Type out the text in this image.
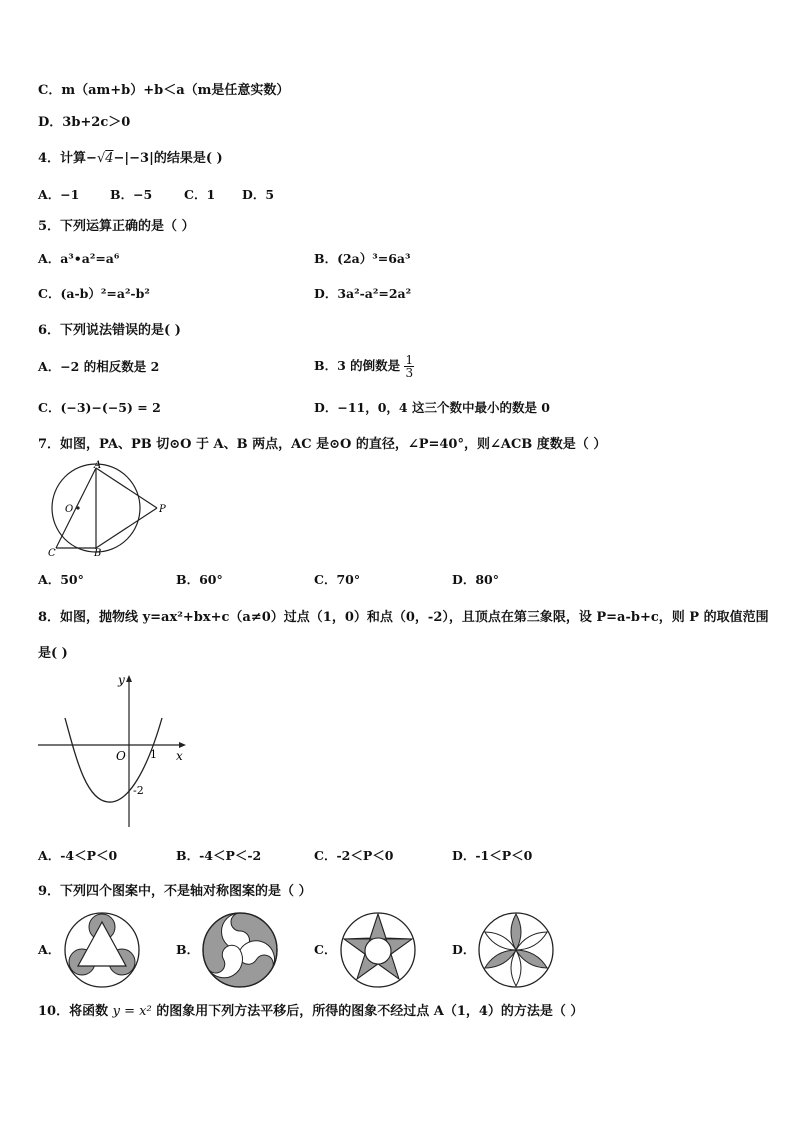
C．m（am+b）+b＜a（m是任意实数）
D．3b+2c＞0
4．计算−√4−|−3|的结果是( )
A．−1 B．−5	C．1 D．5
5．下列运算正确的是（ ）
A．a³•a²=a⁶	B．(2a）³=6a³
C．(a-b）²=a²-b²	D．3a²-a²=2a²
6．下列说法错误的是( )
A．−2 的相反数是 2	B．3 的倒数是 $\frac{1}{3}$
C．(−3)−(−5) = 2	D．−11，0，4 这三个数中最小的数是 0
7．如图，PA、PB 切⊙O 于 A、B 两点，AC 是⊙O 的直径，∠P=40°，则∠ACB 度数是（ ）
A
B
C
O	P
A．50°	B．60°	C．70°	D．80°
8．如图，抛物线 y=ax²+bx+c（a≠0）过点（1，0）和点（0，-2），且顶点在第三象限，设 P=a-b+c，则 P 的取值范围
是( )
y
x
O 1
-2
A．-4＜P＜0	B．-4＜P＜-2	C．-2＜P＜0	D．-1＜P＜0
9．下列四个图案中，不是轴对称图案的是（ ）
A．	B．	C．	D．
10．将函数 y = x² 的图象用下列方法平移后，所得的图象不经过点 A（1，4）的方法是（ ）
